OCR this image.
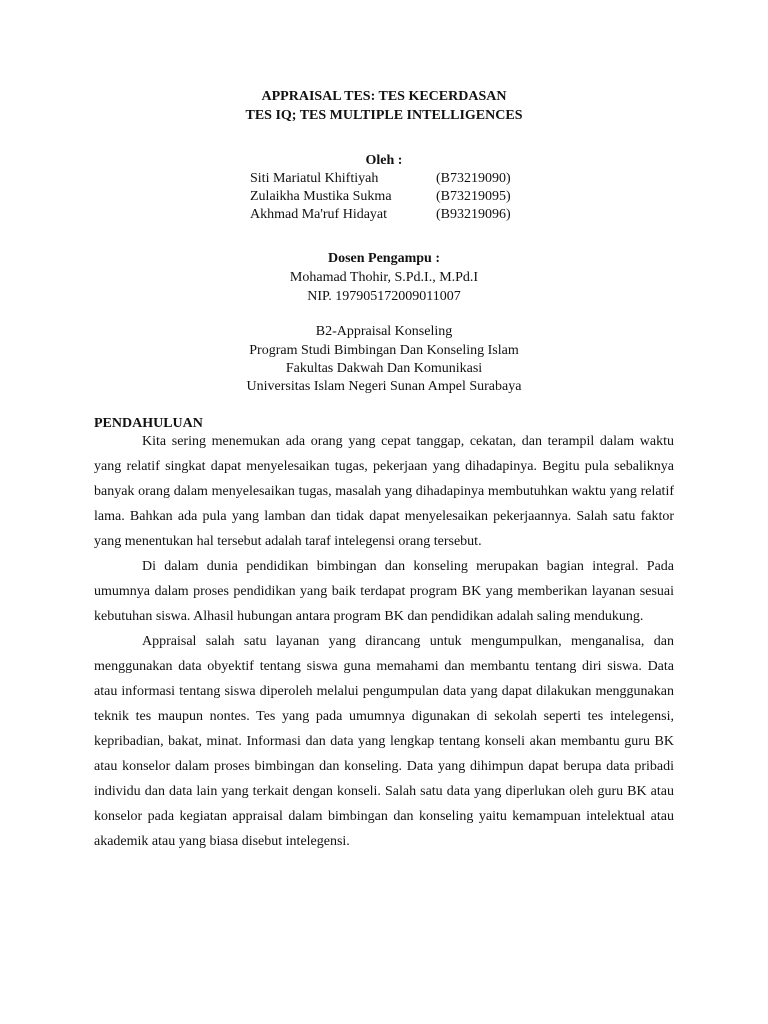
APPRAISAL TES: TES KECERDASAN
TES IQ; TES MULTIPLE INTELLIGENCES
Oleh :
Siti Mariatul Khiftiyah	(B73219090)
Zulaikha Mustika Sukma	(B73219095)
Akhmad Ma'ruf Hidayat	(B93219096)
Dosen Pengampu :
Mohamad Thohir, S.Pd.I., M.Pd.I
NIP. 197905172009011007
B2-Appraisal Konseling
Program Studi Bimbingan Dan Konseling Islam
Fakultas Dakwah Dan Komunikasi
Universitas Islam Negeri Sunan Ampel Surabaya
PENDAHULUAN

Kita sering menemukan ada orang yang cepat tanggap, cekatan, dan terampil dalam waktu yang relatif singkat dapat menyelesaikan tugas, pekerjaan yang dihadapinya. Begitu pula sebaliknya banyak orang dalam menyelesaikan tugas, masalah yang dihadapinya membutuhkan waktu yang relatif lama. Bahkan ada pula yang lamban dan tidak dapat menyelesaikan pekerjaannya. Salah satu faktor yang menentukan hal tersebut adalah taraf intelegensi orang tersebut.

Di dalam dunia pendidikan bimbingan dan konseling merupakan bagian integral. Pada umumnya dalam proses pendidikan yang baik terdapat program BK yang memberikan layanan sesuai kebutuhan siswa. Alhasil hubungan antara program BK dan pendidikan adalah saling mendukung.

Appraisal salah satu layanan yang dirancang untuk mengumpulkan, menganalisa, dan menggunakan data obyektif tentang siswa guna memahami dan membantu tentang diri siswa. Data atau informasi tentang siswa diperoleh melalui pengumpulan data yang dapat dilakukan menggunakan teknik tes maupun nontes. Tes yang pada umumnya digunakan di sekolah seperti tes intelegensi, kepribadian, bakat, minat. Informasi dan data yang lengkap tentang konseli akan membantu guru BK atau konselor dalam proses bimbingan dan konseling. Data yang dihimpun dapat berupa data pribadi individu dan data lain yang terkait dengan konseli. Salah satu data yang diperlukan oleh guru BK atau konselor pada kegiatan appraisal dalam bimbingan dan konseling yaitu kemampuan intelektual atau akademik atau yang biasa disebut intelegensi.
